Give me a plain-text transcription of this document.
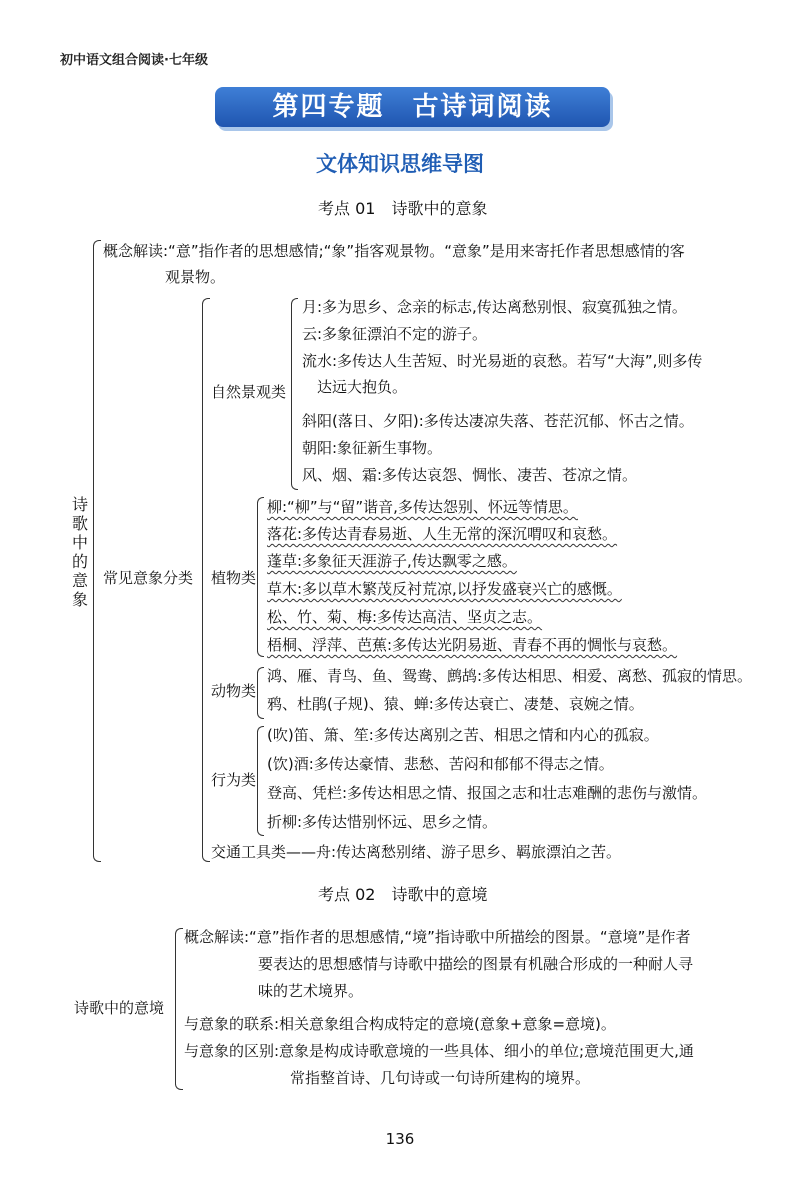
初中语文组合阅读·七年级
第四专题　古诗词阅读
文体知识思维导图
考点 01　诗歌中的意象
诗歌中的意象
概念解读:“意”指作者的思想感情;“象”指客观景物。“意象”是用来寄托作者思想感情的客
观景物。
常见意象分类
自然景观类
月:多为思乡、念亲的标志,传达离愁别恨、寂寞孤独之情。
云:多象征漂泊不定的游子。
流水:多传达人生苦短、时光易逝的哀愁。若写“大海”,则多传
达远大抱负。
斜阳(落日、夕阳):多传达凄凉失落、苍茫沉郁、怀古之情。
朝阳:象征新生事物。
风、烟、霜:多传达哀怨、惆怅、凄苦、苍凉之情。
植物类
柳:“柳”与“留”谐音,多传达怨别、怀远等情思。
落花:多传达青春易逝、人生无常的深沉喟叹和哀愁。
蓬草:多象征天涯游子,传达飘零之感。
草木:多以草木繁茂反衬荒凉,以抒发盛衰兴亡的感慨。
松、竹、菊、梅:多传达高洁、坚贞之志。
梧桐、浮萍、芭蕉:多传达光阴易逝、青春不再的惆怅与哀愁。
动物类
鸿、雁、青鸟、鱼、鸳鸯、鹧鸪:多传达相思、相爱、离愁、孤寂的情思。
鸦、杜鹃(子规)、猿、蝉:多传达衰亡、凄楚、哀婉之情。
行为类
(吹)笛、箫、笙:多传达离别之苦、相思之情和内心的孤寂。
(饮)酒:多传达豪情、悲愁、苦闷和郁郁不得志之情。
登高、凭栏:多传达相思之情、报国之志和壮志难酬的悲伤与激情。
折柳:多传达惜别怀远、思乡之情。
交通工具类——舟:传达离愁别绪、游子思乡、羁旅漂泊之苦。
考点 02　诗歌中的意境
诗歌中的意境
概念解读:“意”指作者的思想感情,“境”指诗歌中所描绘的图景。“意境”是作者
要表达的思想感情与诗歌中描绘的图景有机融合形成的一种耐人寻
味的艺术境界。
与意象的联系:相关意象组合构成特定的意境(意象+意象=意境)。
与意象的区别:意象是构成诗歌意境的一些具体、细小的单位;意境范围更大,通
常指整首诗、几句诗或一句诗所建构的境界。
136
